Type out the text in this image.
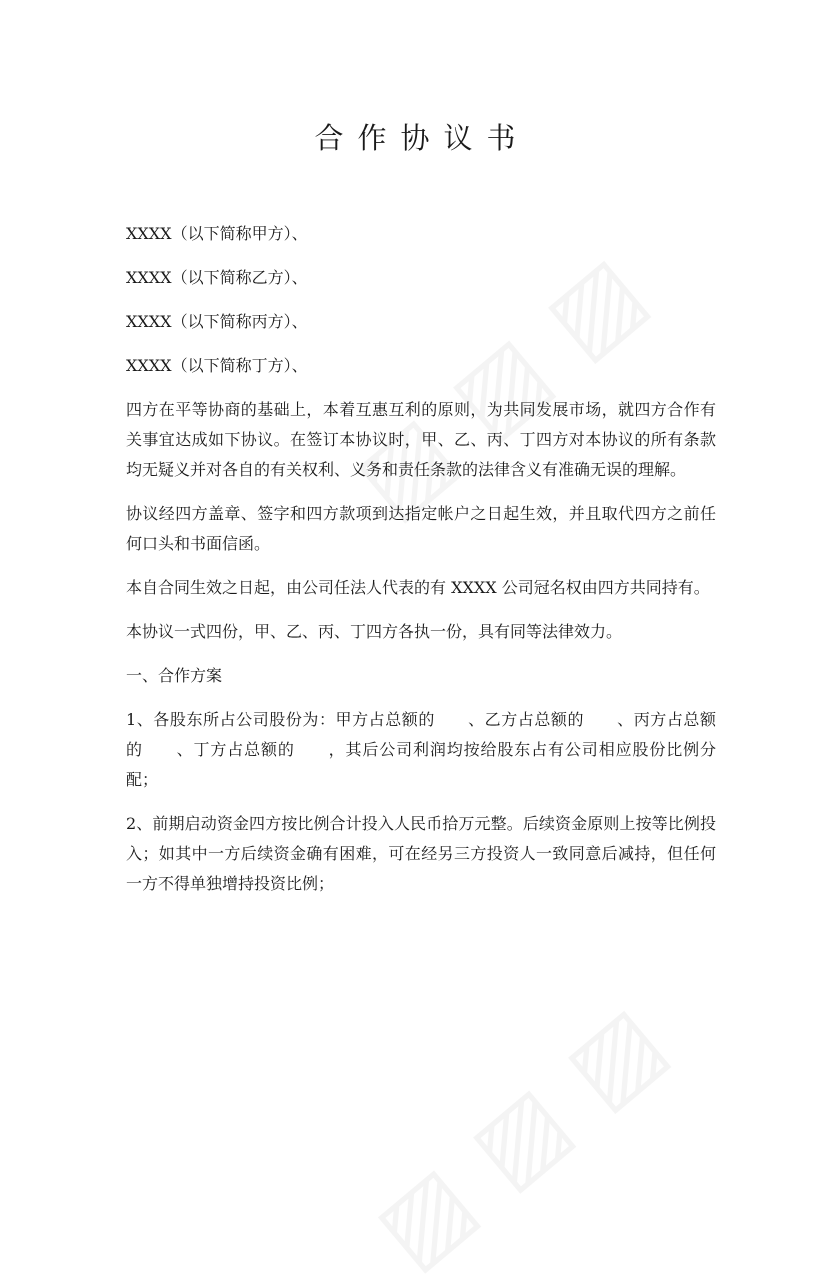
合作协议书

XXXX（以下简称甲方）、

XXXX（以下简称乙方）、

XXXX（以下简称丙方）、

XXXX（以下简称丁方）、

四方在平等协商的基础上，本着互惠互利的原则，为共同发展市场，就四方合作有关事宜达成如下协议。在签订本协议时，甲、乙、丙、丁四方对本协议的所有条款均无疑义并对各自的有关权利、义务和责任条款的法律含义有准确无误的理解。

协议经四方盖章、签字和四方款项到达指定帐户之日起生效，并且取代四方之前任何口头和书面信函。

本自合同生效之日起，由公司任法人代表的有 XXXX 公司冠名权由四方共同持有。

本协议一式四份，甲、乙、丙、丁四方各执一份，具有同等法律效力。

一、合作方案

1、各股东所占公司股份为：甲方占总额的　　、乙方占总额的　　、丙方占总额的　　、丁方占总额的　　，其后公司利润均按给股东占有公司相应股份比例分配；

2、前期启动资金四方按比例合计投入人民币拾万元整。后续资金原则上按等比例投入；如其中一方后续资金确有困难，可在经另三方投资人一致同意后减持，但任何一方不得单独增持投资比例；
